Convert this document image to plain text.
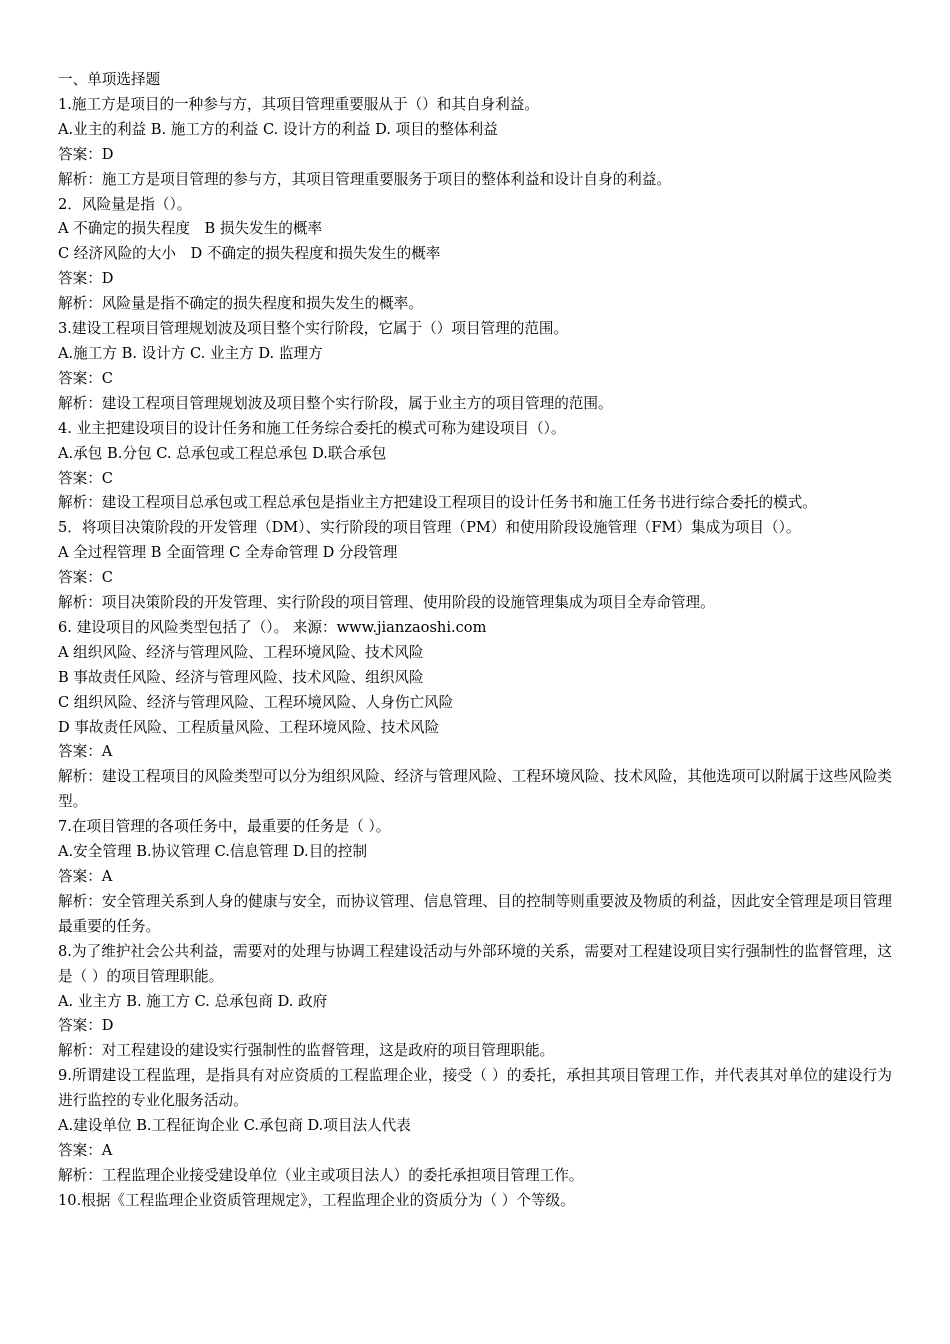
一、单项选择题

1.施工方是项目的一种参与方，其项目管理重要服从于（）和其自身利益。

A.业主的利益 B. 施工方的利益 C. 设计方的利益 D. 项目的整体利益

答案：D

解析：施工方是项目管理的参与方，其项目管理重要服务于项目的整体利益和设计自身的利益。

2．风险量是指（）。

A 不确定的损失程度　B 损失发生的概率

C 经济风险的大小　D 不确定的损失程度和损失发生的概率

答案：D

解析：风险量是指不确定的损失程度和损失发生的概率。

3.建设工程项目管理规划波及项目整个实行阶段，它属于（）项目管理的范围。

A.施工方 B. 设计方 C. 业主方 D. 监理方

答案：C

解析：建设工程项目管理规划波及项目整个实行阶段，属于业主方的项目管理的范围。

4. 业主把建设项目的设计任务和施工任务综合委托的模式可称为建设项目（）。

A.承包 B.分包 C. 总承包或工程总承包 D.联合承包

答案：C

解析：建设工程项目总承包或工程总承包是指业主方把建设工程项目的设计任务书和施工任务书进行综合委托的模式。

5．将项目决策阶段的开发管理（DM）、实行阶段的项目管理（PM）和使用阶段设施管理（FM）集成为项目（）。

A 全过程管理 B 全面管理 C 全寿命管理 D 分段管理

答案：C

解析：项目决策阶段的开发管理、实行阶段的项目管理、使用阶段的设施管理集成为项目全寿命管理。

6. 建设项目的风险类型包括了（）。 来源：www.jianzaoshi.com

A 组织风险、经济与管理风险、工程环境风险、技术风险

B 事故责任风险、经济与管理风险、技术风险、组织风险

C 组织风险、经济与管理风险、工程环境风险、人身伤亡风险

D 事故责任风险、工程质量风险、工程环境风险、技术风险

答案：A

解析：建设工程项目的风险类型可以分为组织风险、经济与管理风险、工程环境风险、技术风险，其他选项可以附属于这些风险类型。

7.在项目管理的各项任务中，最重要的任务是（ ）。

A.安全管理 B.协议管理 C.信息管理 D.目的控制

答案：A

解析：安全管理关系到人身的健康与安全，而协议管理、信息管理、目的控制等则重要波及物质的利益，因此安全管理是项目管理最重要的任务。

8.为了维护社会公共利益，需要对的处理与协调工程建设活动与外部环境的关系，需要对工程建设项目实行强制性的监督管理，这是（ ）的项目管理职能。

A. 业主方 B. 施工方 C. 总承包商 D. 政府

答案：D

解析：对工程建设的建设实行强制性的监督管理，这是政府的项目管理职能。

9.所谓建设工程监理，是指具有对应资质的工程监理企业，接受（ ）的委托，承担其项目管理工作，并代表其对单位的建设行为进行监控的专业化服务活动。

A.建设单位 B.工程征询企业 C.承包商 D.项目法人代表

答案：A

解析：工程监理企业接受建设单位（业主或项目法人）的委托承担项目管理工作。

10.根据《工程监理企业资质管理规定》，工程监理企业的资质分为（ ）个等级。
